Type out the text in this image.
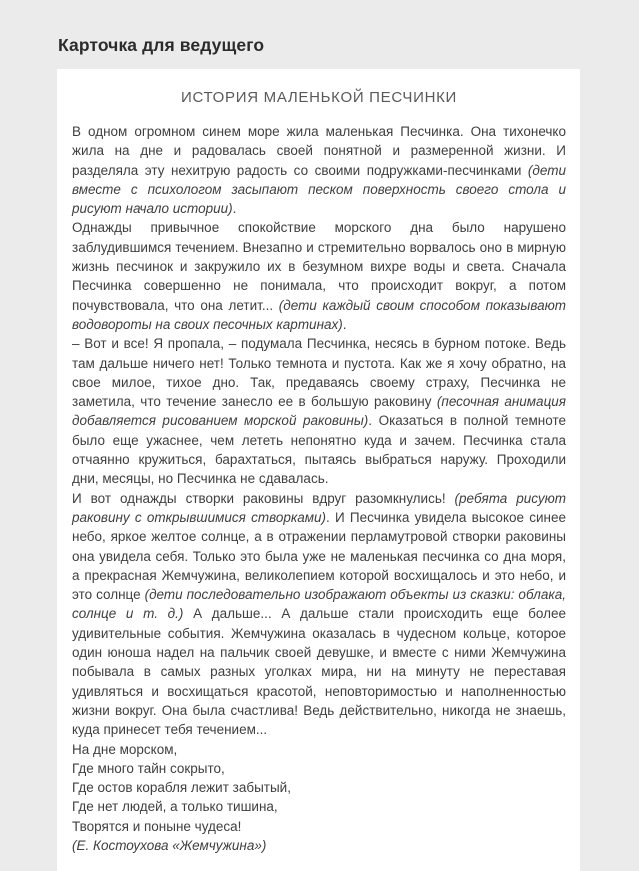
Карточка для ведущего
ИСТОРИЯ МАЛЕНЬКОЙ ПЕСЧИНКИ

В одном огромном синем море жила маленькая Песчинка. Она тихонечко жила на дне и радовалась своей понятной и размеренной жизни. И разделяла эту нехитрую радость со своими подружками-песчинками (дети вместе с психологом засыпают песком поверхность своего стола и рисуют начало истории).

Однажды привычное спокойствие морского дна было нарушено заблудившимся течением. Внезапно и стремительно ворвалось оно в мирную жизнь песчинок и закружило их в безумном вихре воды и света. Сначала Песчинка совершенно не понимала, что происходит вокруг, а потом почувствовала, что она летит... (дети каждый своим способом показывают водовороты на своих песочных картинах).

– Вот и все! Я пропала, – подумала Песчинка, несясь в бурном потоке. Ведь там дальше ничего нет! Только темнота и пустота. Как же я хочу обратно, на свое милое, тихое дно. Так, предаваясь своему страху, Песчинка не заметила, что течение занесло ее в большую раковину (песочная анимация добавляется рисованием морской раковины). Оказаться в полной темноте было еще ужаснее, чем лететь непонятно куда и зачем. Песчинка стала отчаянно кружиться, барахтаться, пытаясь выбраться наружу. Проходили дни, месяцы, но Песчинка не сдавалась.

И вот однажды створки раковины вдруг разомкнулись! (ребята рисуют раковину с открывшимися створками). И Песчинка увидела высокое синее небо, яркое желтое солнце, а в отражении перламутровой створки раковины она увидела себя. Только это была уже не маленькая песчинка со дна моря, а прекрасная Жемчужина, великолепием которой восхищалось и это небо, и это солнце (дети последовательно изображают объекты из сказки: облака, солнце и т. д.) А дальше... А дальше стали происходить еще более удивительные события. Жемчужина оказалась в чудесном кольце, которое один юноша надел на пальчик своей девушке, и вместе с ними Жемчужина побывала в самых разных уголках мира, ни на минуту не переставая удивляться и восхищаться красотой, неповторимостью и наполненностью жизни вокруг. Она была счастлива! Ведь действительно, никогда не знаешь, куда принесет тебя течением...

На дне морском,

Где много тайн сокрыто,

Где остов корабля лежит забытый,

Где нет людей, а только тишина,

Творятся и поныне чудеса!

(Е. Костоухова «Жемчужина»)
